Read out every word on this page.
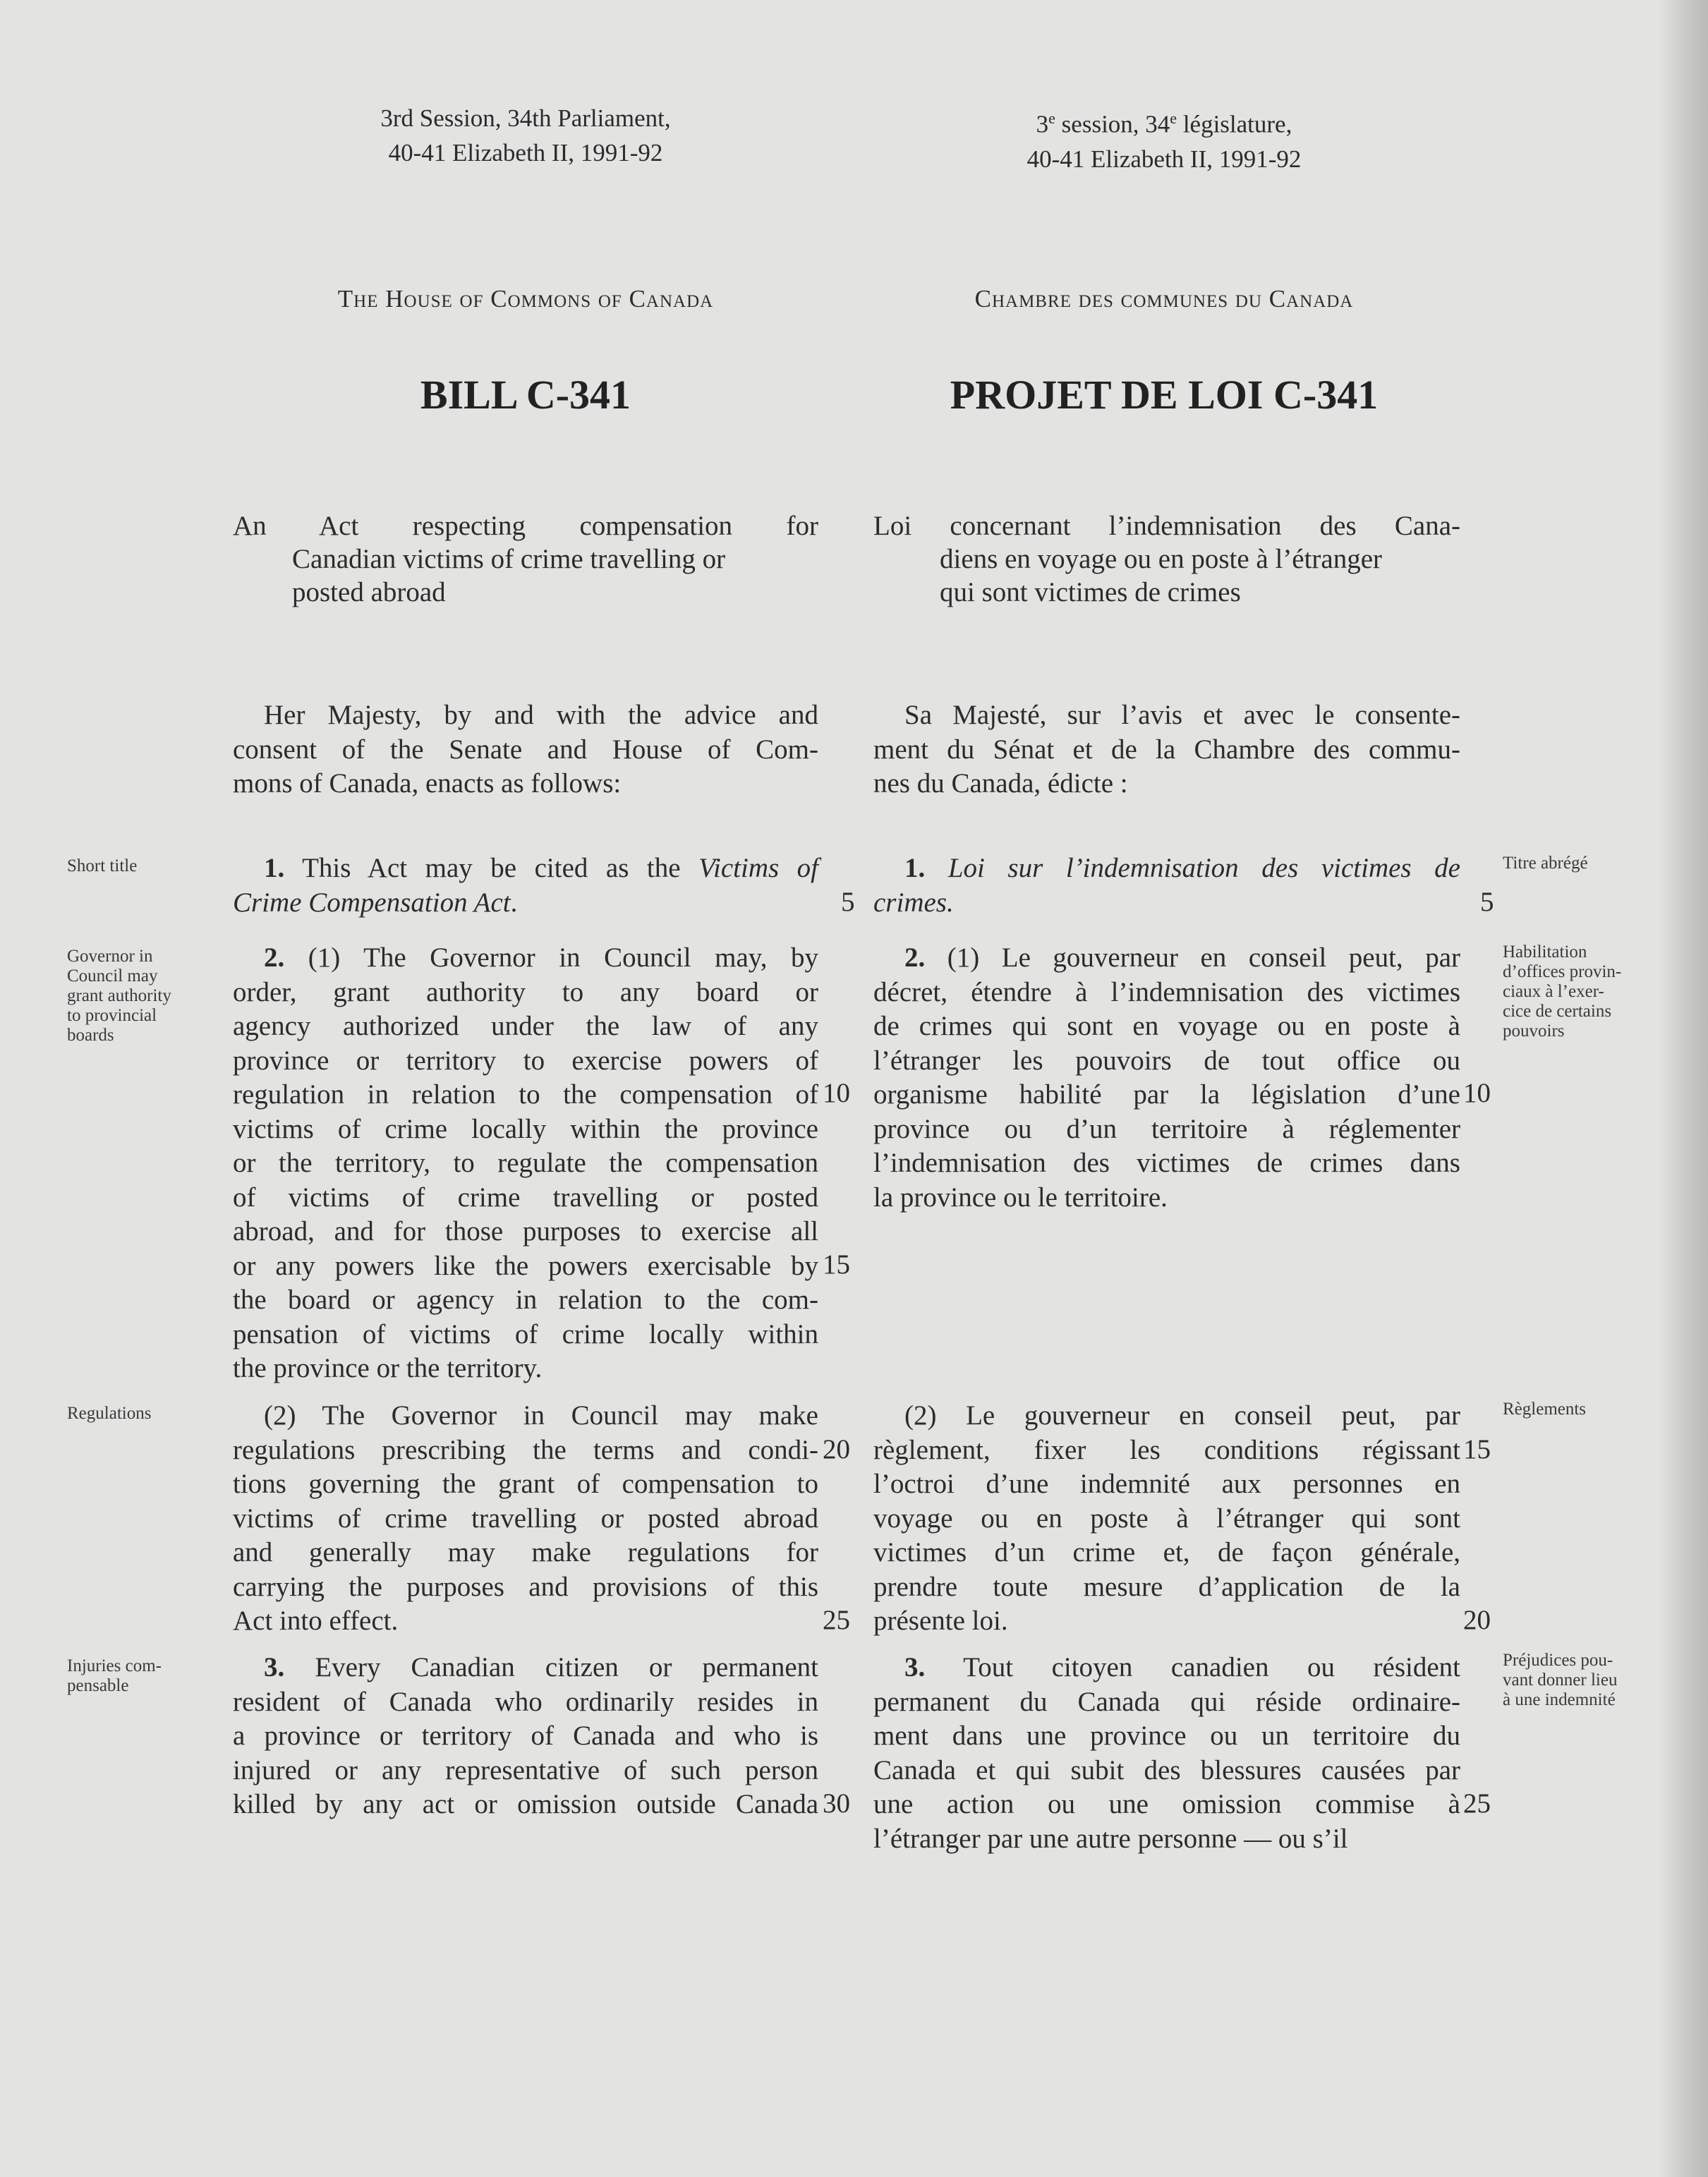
3rd Session, 34th Parliament,
40-41 Elizabeth II, 1991-92
3e session, 34e législature,
40-41 Elizabeth II, 1991-92
The House of Commons of Canada	Chambre des communes du Canada
BILL C-341	PROJET DE LOI C-341
An Act respecting compensation for
Canadian victims of crime travelling or
posted abroad
Loi concernant l’indemnisation des Cana-
diens en voyage ou en poste à l’étranger
qui sont victimes de crimes
Her Majesty, by and with the advice and
consent of the Senate and House of Com-
mons of Canada, enacts as follows:
Sa Majesté, sur l’avis et avec le consente-
ment du Sénat et de la Chambre des commu-
nes du Canada, édicte :
Short title
Governor in
Council may
grant authority
to provincial
boards
Regulations
Injuries com-
pensable
Titre abrégé
Habilitation
d’offices provin-
ciaux à l’exer-
cice de certains
pouvoirs
Règlements
Préjudices pou-
vant donner lieu
à une indemnité
1. This Act may be cited as the Victims of
Crime Compensation Act.
1. Loi sur l’indemnisation des victimes de
crimes.
2. (1) The Governor in Council may, by
order, grant authority to any board or
agency authorized under the law of any
province or territory to exercise powers of
regulation in relation to the compensation of
victims of crime locally within the province
or the territory, to regulate the compensation
of victims of crime travelling or posted
abroad, and for those purposes to exercise all
or any powers like the powers exercisable by
the board or agency in relation to the com-
pensation of victims of crime locally within
the province or the territory.
2. (1) Le gouverneur en conseil peut, par
décret, étendre à l’indemnisation des victimes
de crimes qui sont en voyage ou en poste à
l’étranger les pouvoirs de tout office ou
organisme habilité par la législation d’une
province ou d’un territoire à réglementer
l’indemnisation des victimes de crimes dans
la province ou le territoire.
(2) The Governor in Council may make
regulations prescribing the terms and condi-
tions governing the grant of compensation to
victims of crime travelling or posted abroad
and generally may make regulations for
carrying the purposes and provisions of this
Act into effect.
(2) Le gouverneur en conseil peut, par
règlement, fixer les conditions régissant
l’octroi d’une indemnité aux personnes en
voyage ou en poste à l’étranger qui sont
victimes d’un crime et, de façon générale,
prendre toute mesure d’application de la
présente loi.
3. Every Canadian citizen or permanent
resident of Canada who ordinarily resides in
a province or territory of Canada and who is
injured or any representative of such person
killed by any act or omission outside Canada
3. Tout citoyen canadien ou résident
permanent du Canada qui réside ordinaire-
ment dans une province ou un territoire du
Canada et qui subit des blessures causées par
une action ou une omission commise à
l’étranger par une autre personne — ou s’il
5
10
15
20
25
30
5
10
15
20
25
